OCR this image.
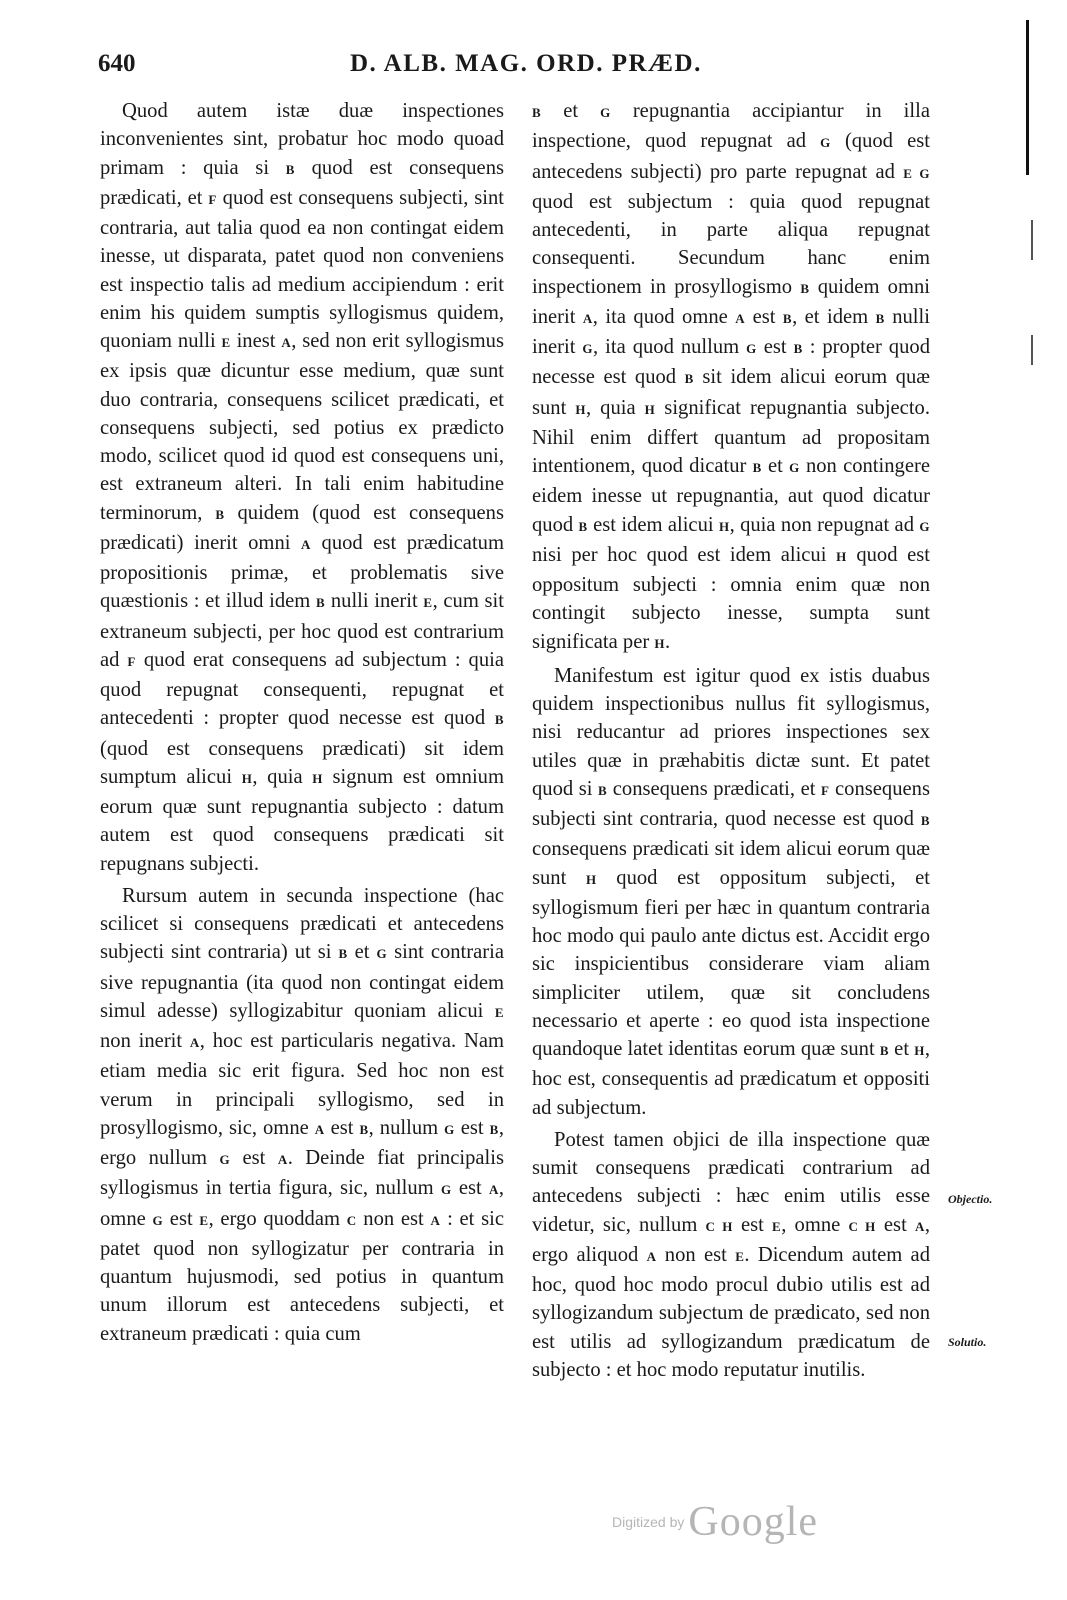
640	D. ALB. MAG. ORD. PRÆD.

Quod autem istæ duæ inspectiones inconvenientes sint, probatur hoc modo quoad primam : quia si B quod est consequens prædicati, et F quod est consequens subjecti, sint contraria, aut talia quod ea non contingat eidem inesse, ut disparata, patet quod non conveniens est inspectio talis ad medium accipiendum : erit enim his quidem sumptis syllogismus quidem, quoniam nulli E inest A, sed non erit syllogismus ex ipsis quæ dicuntur esse medium, quæ sunt duo contraria, consequens scilicet prædicati, et consequens subjecti, sed potius ex prædicto modo, scilicet quod id quod est consequens uni, est extraneum alteri. In tali enim habitudine terminorum, B quidem (quod est consequens prædicati) inerit omni A quod est prædicatum propositionis primæ, et problematis sive quæstionis : et illud idem B nulli inerit E, cum sit extraneum subjecti, per hoc quod est contrarium ad F quod erat consequens ad subjectum : quia quod repugnat consequenti, repugnat et antecedenti : propter quod necesse est quod B (quod est consequens prædicati) sit idem sumptum alicui H, quia H signum est omnium eorum quæ sunt repugnantia subjecto : datum autem est quod consequens prædicati sit repugnans subjecti.

Rursum autem in secunda inspectione (hac scilicet si consequens prædicati et antecedens subjecti sint contraria) ut si B et G sint contraria sive repugnantia (ita quod non contingat eidem simul adesse) syllogizabitur quoniam alicui E non inerit A, hoc est particularis negativa. Nam etiam media sic erit figura. Sed hoc non est verum in principali syllogismo, sed in prosyllogismo, sic, omne A est B, nullum G est B, ergo nullum G est A. Deinde fiat principalis syllogismus in tertia figura, sic, nullum G est A, omne G est E, ergo quoddam C non est A : et sic patet quod non syllogizatur per contraria in quantum hujusmodi, sed potius in quantum unum illorum est antecedens subjecti, et extraneum prædicati : quia cum

B et G repugnantia accipiantur in illa inspectione, quod repugnat ad G (quod est antecedens subjecti) pro parte repugnat ad E G quod est subjectum : quia quod repugnat antecedenti, in parte aliqua repugnat consequenti. Secundum hanc enim inspectionem in prosyllogismo B quidem omni inerit A, ita quod omne A est B, et idem B nulli inerit G, ita quod nullum G est B : propter quod necesse est quod B sit idem alicui eorum quæ sunt H, quia H significat repugnantia subjecto. Nihil enim differt quantum ad propositam intentionem, quod dicatur B et G non contingere eidem inesse ut repugnantia, aut quod dicatur quod B est idem alicui H, quia non repugnat ad G nisi per hoc quod est idem alicui H quod est oppositum subjecti : omnia enim quæ non contingit subjecto inesse, sumpta sunt significata per H.

Manifestum est igitur quod ex istis duabus quidem inspectionibus nullus fit syllogismus, nisi reducantur ad priores inspectiones sex utiles quæ in præhabitis dictæ sunt. Et patet quod si B consequens prædicati, et F consequens subjecti sint contraria, quod necesse est quod B consequens prædicati sit idem alicui eorum quæ sunt H quod est oppositum subjecti, et syllogismum fieri per hæc in quantum contraria hoc modo qui paulo ante dictus est. Accidit ergo sic inspicientibus considerare viam aliam simpliciter utilem, quæ sit concludens necessario et aperte : eo quod ista inspectione quandoque latet identitas eorum quæ sunt B et H, hoc est, consequentis ad prædicatum et oppositi ad subjectum.

Potest tamen objici de illa inspectione quæ sumit consequens prædicati contrarium ad antecedens subjecti : hæc enim utilis esse videtur, sic, nullum C H est E, omne C H est A, ergo aliquod A non est E. Dicendum autem ad hoc, quod hoc modo procul dubio utilis est ad syllogizandum subjectum de prædicato, sed non est utilis ad syllogizandum prædicatum de subjecto : et hoc modo reputatur inutilis.

Objectio.
Solutio.
Digitized by Google
